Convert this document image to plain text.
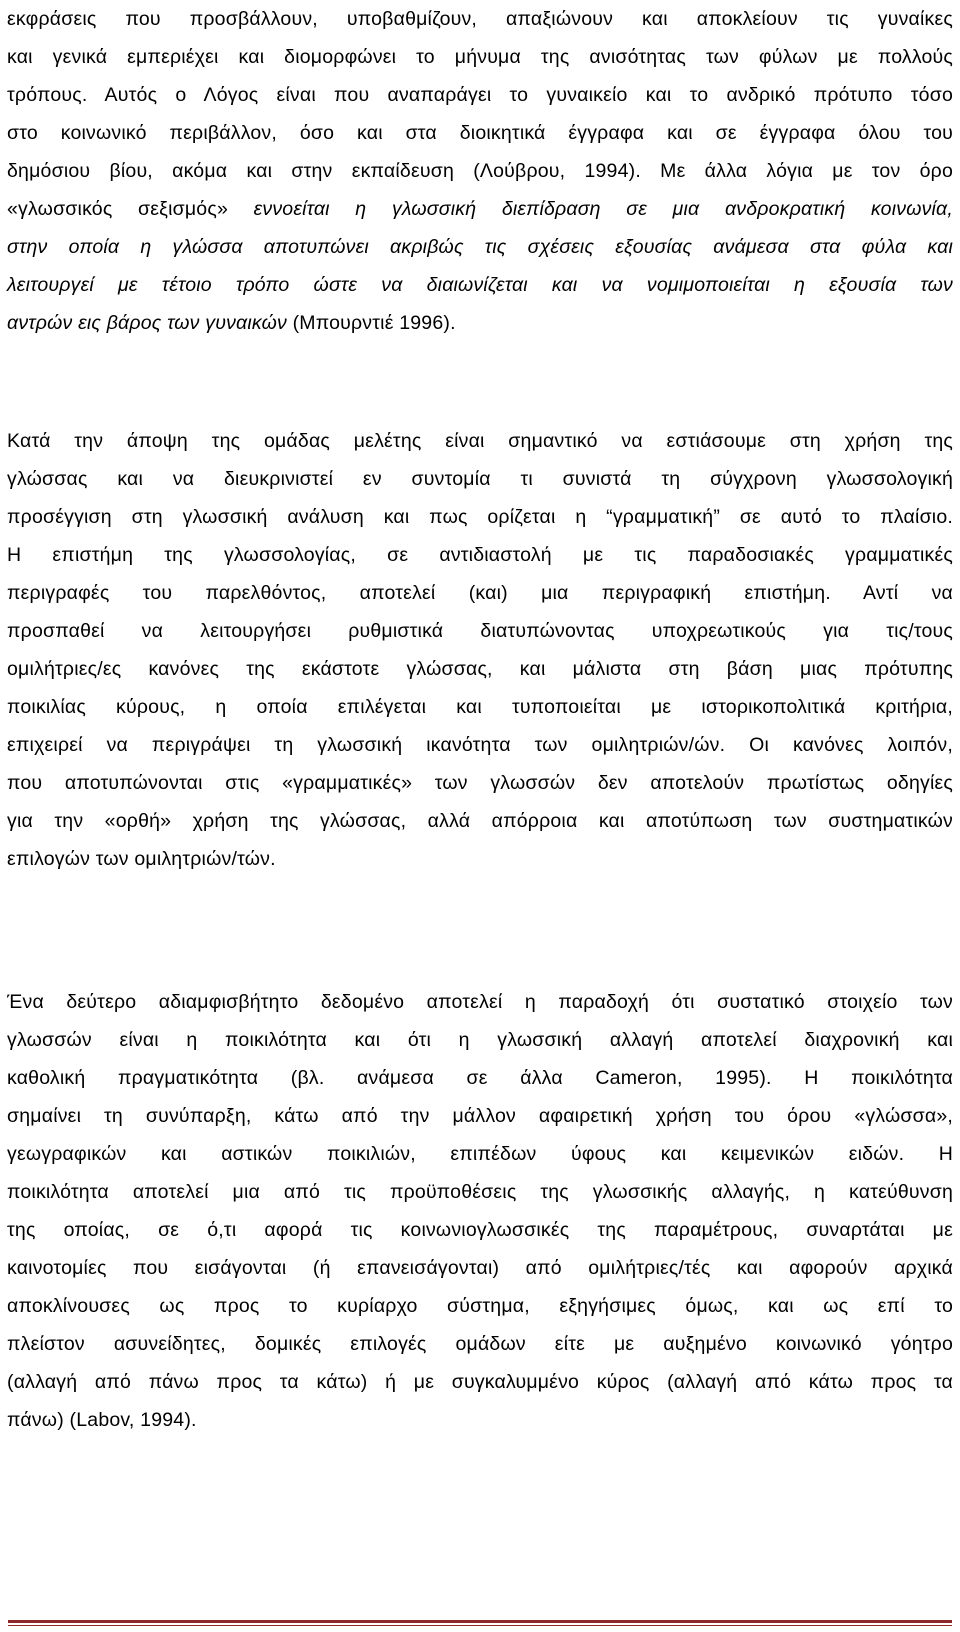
εκφράσεις που προσβάλλουν, υποβαθμίζουν, απαξιώνουν και αποκλείουν τις γυναίκες
και γενικά εμπεριέχει και διομορφώνει το μήνυμα της ανισότητας των φύλων με πολλούς
τρόπους. Αυτός ο Λόγος είναι που αναπαράγει το γυναικείο και το ανδρικό πρότυπο τόσο
στο κοινωνικό περιβάλλον, όσο και στα διοικητικά έγγραφα και σε έγγραφα όλου του
δημόσιου βίου, ακόμα και στην εκπαίδευση (Λούβρου, 1994). Με άλλα λόγια με τον όρο
«γλωσσικός σεξισμός» εννοείται η γλωσσική διεπίδραση σε μια ανδροκρατική κοινωνία,
στην οποία η γλώσσα αποτυπώνει ακριβώς τις σχέσεις εξουσίας ανάμεσα στα φύλα και
λειτουργεί με τέτοιο τρόπο ώστε να διαιωνίζεται και να νομιμοποιείται η εξουσία των
αντρών εις βάρος των γυναικών (Μπουρντιέ 1996).
Κατά την άποψη της ομάδας μελέτης είναι σημαντικό να εστιάσουμε στη χρήση της
γλώσσας και να διευκρινιστεί εν συντομία τι συνιστά τη σύγχρονη γλωσσολογική
προσέγγιση στη γλωσσική ανάλυση και πως ορίζεται η “γραμματική” σε αυτό το πλαίσιο.
Η επιστήμη της γλωσσολογίας, σε αντιδιαστολή με τις παραδοσιακές γραμματικές
περιγραφές του παρελθόντος, αποτελεί (και) μια περιγραφική επιστήμη. Αντί να
προσπαθεί να λειτουργήσει ρυθμιστικά διατυπώνοντας υποχρεωτικούς για τις/τους
ομιλήτριες/ες κανόνες της εκάστοτε γλώσσας, και μάλιστα στη βάση μιας πρότυπης
ποικιλίας κύρους, η οποία επιλέγεται και τυποποιείται με ιστορικοπολιτικά κριτήρια,
επιχειρεί να περιγράψει τη γλωσσική ικανότητα των ομιλητριών/ών. Οι κανόνες λοιπόν,
που αποτυπώνονται στις «γραμματικές» των γλωσσών δεν αποτελούν πρωτίστως οδηγίες
για την «ορθή» χρήση της γλώσσας, αλλά απόρροια και αποτύπωση των συστηματικών
επιλογών των ομιλητριών/τών.
Ένα δεύτερο αδιαμφισβήτητο δεδομένο αποτελεί η παραδοχή ότι συστατικό στοιχείο των
γλωσσών είναι η ποικιλότητα και ότι η γλωσσική αλλαγή αποτελεί διαχρονική και
καθολική πραγματικότητα (βλ. ανάμεσα σε άλλα Cameron, 1995). Η ποικιλότητα
σημαίνει τη συνύπαρξη, κάτω από την μάλλον αφαιρετική χρήση του όρου «γλώσσα»,
γεωγραφικών και αστικών ποικιλιών, επιπέδων ύφους και κειμενικών ειδών. Η
ποικιλότητα αποτελεί μια από τις προϋποθέσεις της γλωσσικής αλλαγής, η κατεύθυνση
της οποίας, σε ό,τι αφορά τις κοινωνιογλωσσικές της παραμέτρους, συναρτάται με
καινοτομίες που εισάγονται (ή επανεισάγονται) από ομιλήτριες/τές και αφορούν αρχικά
αποκλίνουσες ως προς το κυρίαρχο σύστημα, εξηγήσιμες όμως, και ως επί το
πλείστον ασυνείδητες, δομικές επιλογές ομάδων είτε με αυξημένο κοινωνικό γόητρο
(αλλαγή από πάνω προς τα κάτω) ή με συγκαλυμμένο κύρος (αλλαγή από κάτω προς τα
πάνω) (Labov, 1994).
